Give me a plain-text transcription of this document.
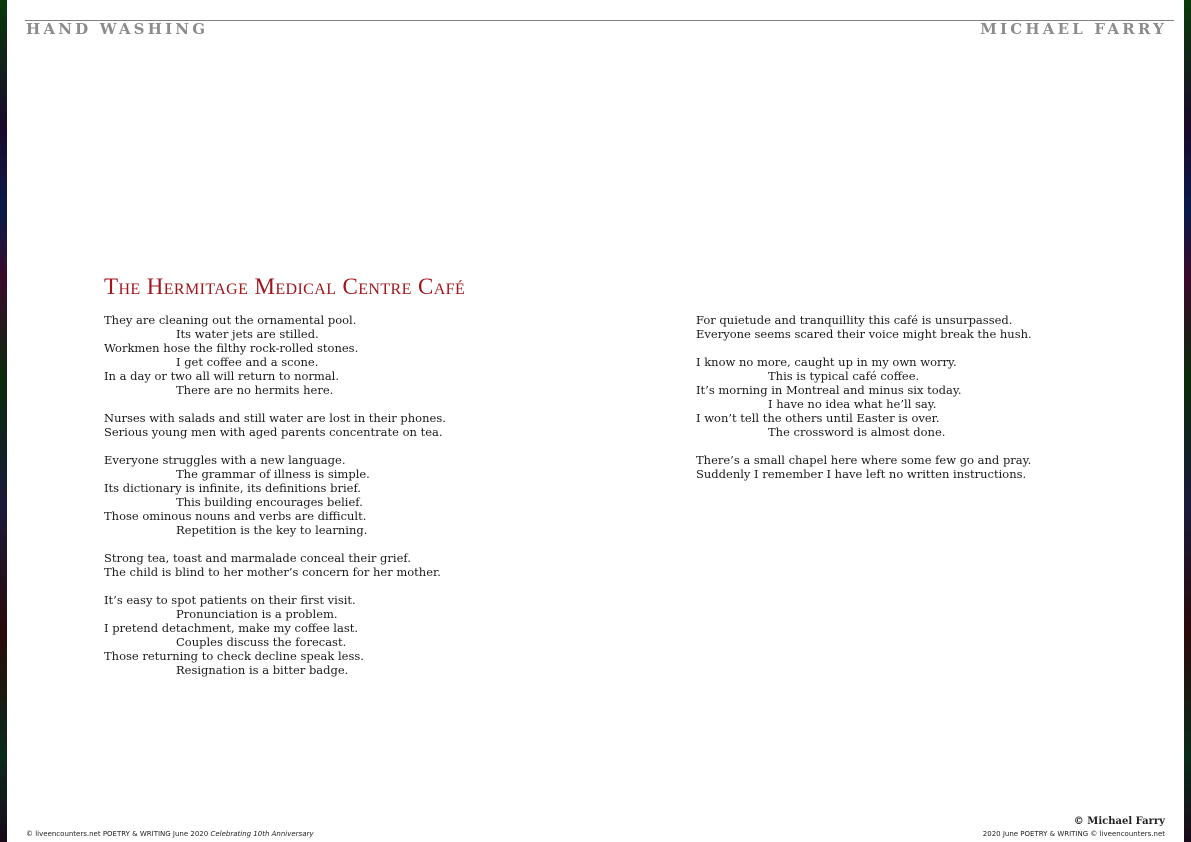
HAND WASHING	MICHAEL FARRY
The Hermitage Medical Centre Café
They are cleaning out the ornamental pool.
Its water jets are stilled.
Workmen hose the filthy rock-rolled stones.
I get coffee and a scone.
In a day or two all will return to normal.
There are no hermits here.
Nurses with salads and still water are lost in their phones.
Serious young men with aged parents concentrate on tea.
Everyone struggles with a new language.
The grammar of illness is simple.
Its dictionary is infinite, its definitions brief.
This building encourages belief.
Those ominous nouns and verbs are difficult.
Repetition is the key to learning.
Strong tea, toast and marmalade conceal their grief.
The child is blind to her mother’s concern for her mother.
It’s easy to spot patients on their first visit.
Pronunciation is a problem.
I pretend detachment, make my coffee last.
Couples discuss the forecast.
Those returning to check decline speak less.
Resignation is a bitter badge.
For quietude and tranquillity this café is unsurpassed.
Everyone seems scared their voice might break the hush.
I know no more, caught up in my own worry.
This is typical café coffee.
It’s morning in Montreal and minus six today.
I have no idea what he’ll say.
I won’t tell the others until Easter is over.
The crossword is almost done.
There’s a small chapel here where some few go and pray.
Suddenly I remember I have left no written instructions.
© liveencounters.net POETRY & WRITING June 2020 Celebrating 10th Anniversary
© Michael Farry
2020 June POETRY & WRITING © liveencounters.net
